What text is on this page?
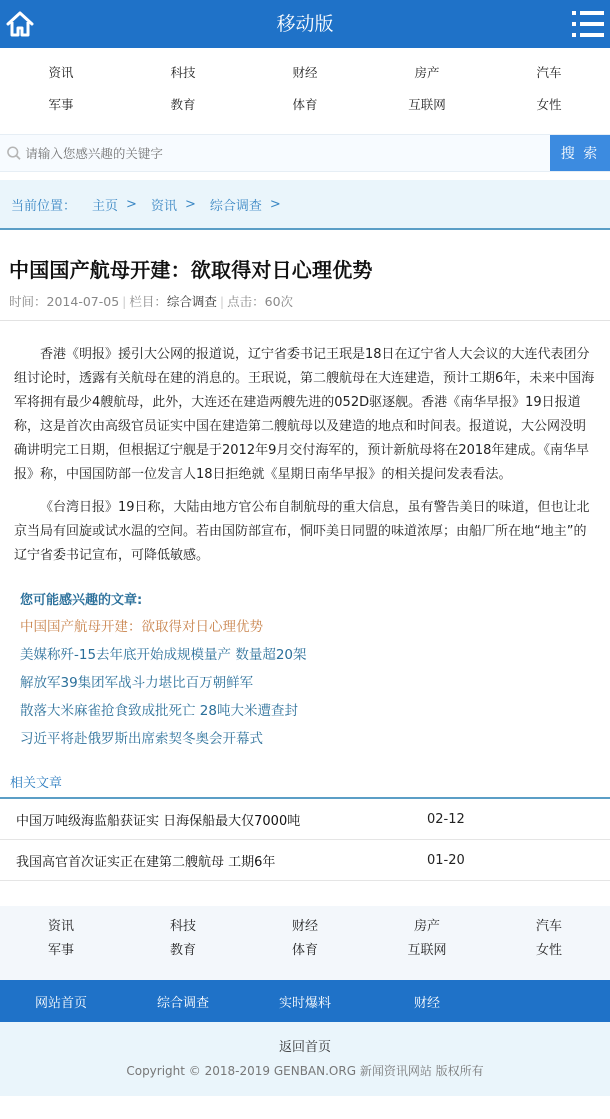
移动版
资讯	科技	财经	房产	汽车
军事	教育	体育	互联网	女性
请输入您感兴趣的关键字
搜 索
当前位置： 主页 > 资讯 > 综合调查 >
中国国产航母开建：欲取得对日心理优势
时间：2014-07-05 | 栏目：综合调查 | 点击：60次

香港《明报》援引大公网的报道说，辽宁省委书记王珉是18日在辽宁省人大会议的大连代表团分组讨论时，透露有关航母在建的消息的。王珉说，第二艘航母在大连建造，预计工期6年，未来中国海军将拥有最少4艘航母，此外，大连还在建造两艘先进的052D驱逐舰。香港《南华早报》19日报道称，这是首次由高级官员证实中国在建造第二艘航母以及建造的地点和时间表。报道说，大公网没明确讲明完工日期，但根据辽宁舰是于2012年9月交付海军的，预计新航母将在2018年建成。《南华早报》称，中国国防部一位发言人18日拒绝就《星期日南华早报》的相关提问发表看法。

《台湾日报》19日称，大陆由地方官公布自制航母的重大信息，虽有警告美日的味道，但也让北京当局有回旋或试水温的空间。若由国防部宣布，恫吓美日同盟的味道浓厚；由船厂所在地“地主”的辽宁省委书记宣布，可降低敏感。

您可能感兴趣的文章:
中国国产航母开建：欲取得对日心理优势
美媒称歼-15去年底开始成规模量产 数量超20架
解放军39集团军战斗力堪比百万朝鲜军
散落大米麻雀抢食致成批死亡 28吨大米遭查封
习近平将赴俄罗斯出席索契冬奥会开幕式
相关文章
中国万吨级海监船获证实 日海保船最大仅7000吨	02-12
我国高官首次证实正在建第二艘航母 工期6年	01-20
资讯	科技	财经	房产	汽车
军事	教育	体育	互联网	女性
网站首页	综合调查	实时爆料	财经
返回首页
Copyright © 2018-2019 GENBAN.ORG 新闻资讯网站 版权所有
